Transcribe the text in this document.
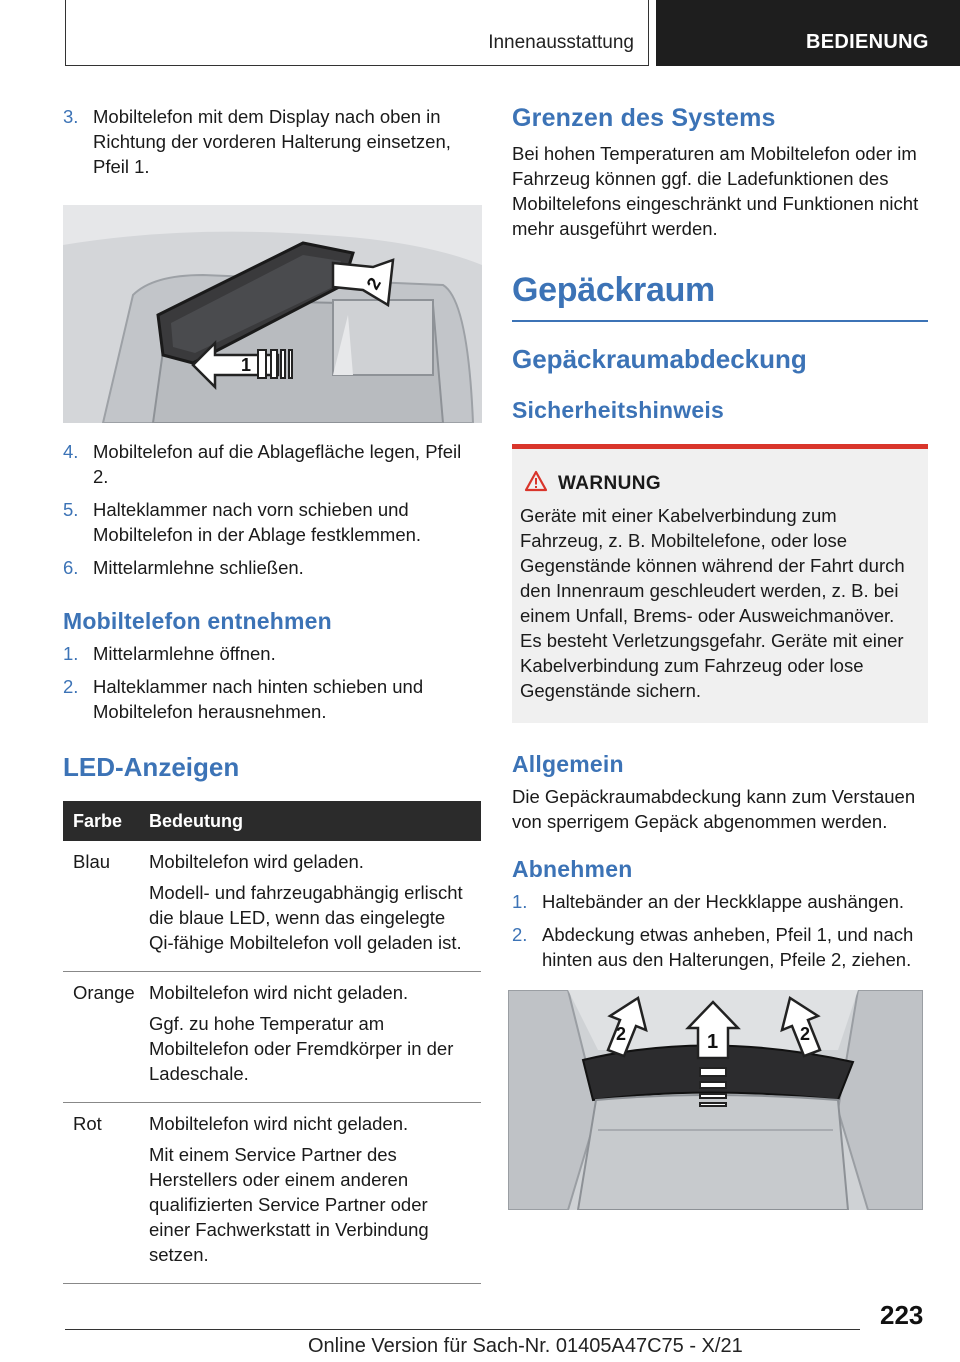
Innenausstattung	BEDIENUNG
3. Mobiltelefon mit dem Display nach oben in Richtung der vorderen Halterung einsetzen, Pfeil 1.
1
2
4. Mobiltelefon auf die Ablagefläche legen, Pfeil 2.
5. Halteklammer nach vorn schieben und Mobiltelefon in der Ablage festklemmen.
6. Mittelarmlehne schließen.
Mobiltelefon entnehmen
1. Mittelarmlehne öffnen.
2. Halteklammer nach hinten schieben und Mobiltelefon herausnehmen.
LED-Anzeigen
Farbe	Bedeutung
Blau	Mobiltelefon wird geladen.

Modell- und fahrzeugabhängig erlischt die blaue LED, wenn das eingelegte Qi-fähige Mobiltelefon voll geladen ist.

Orange	Mobiltelefon wird nicht geladen.

Ggf. zu hohe Temperatur am Mobiltelefon oder Fremdkörper in der Ladeschale.

Rot	Mobiltelefon wird nicht geladen.

Mit einem Service Partner des Herstellers oder einem anderen qualifizierten Service Partner oder einer Fachwerkstatt in Verbindung setzen.

Grenzen des Systems

Bei hohen Temperaturen am Mobiltelefon oder im Fahrzeug können ggf. die Ladefunktionen des Mobiltelefons eingeschränkt und Funktionen nicht mehr ausgeführt werden.

Gepäckraum
Gepäckraumabdeckung
Sicherheitshinweis
WARNUNG

Geräte mit einer Kabelverbindung zum Fahrzeug, z. B. Mobiltelefone, oder lose Gegenstände können während der Fahrt durch den Innenraum geschleudert werden, z. B. bei einem Unfall, Brems- oder Ausweichmanöver. Es besteht Verletzungsgefahr. Geräte mit einer Kabelverbindung zum Fahrzeug oder lose Gegenstände sichern.

Allgemein

Die Gepäckraumabdeckung kann zum Verstauen von sperrigem Gepäck abgenommen werden.

Abnehmen
1. Haltebänder an der Heckklappe aushängen.
2. Abdeckung etwas anheben, Pfeil 1, und nach hinten aus den Halterungen, Pfeile 2, ziehen.
1
2	2
223
Online Version für Sach-Nr. 01405A47C75 - X/21
